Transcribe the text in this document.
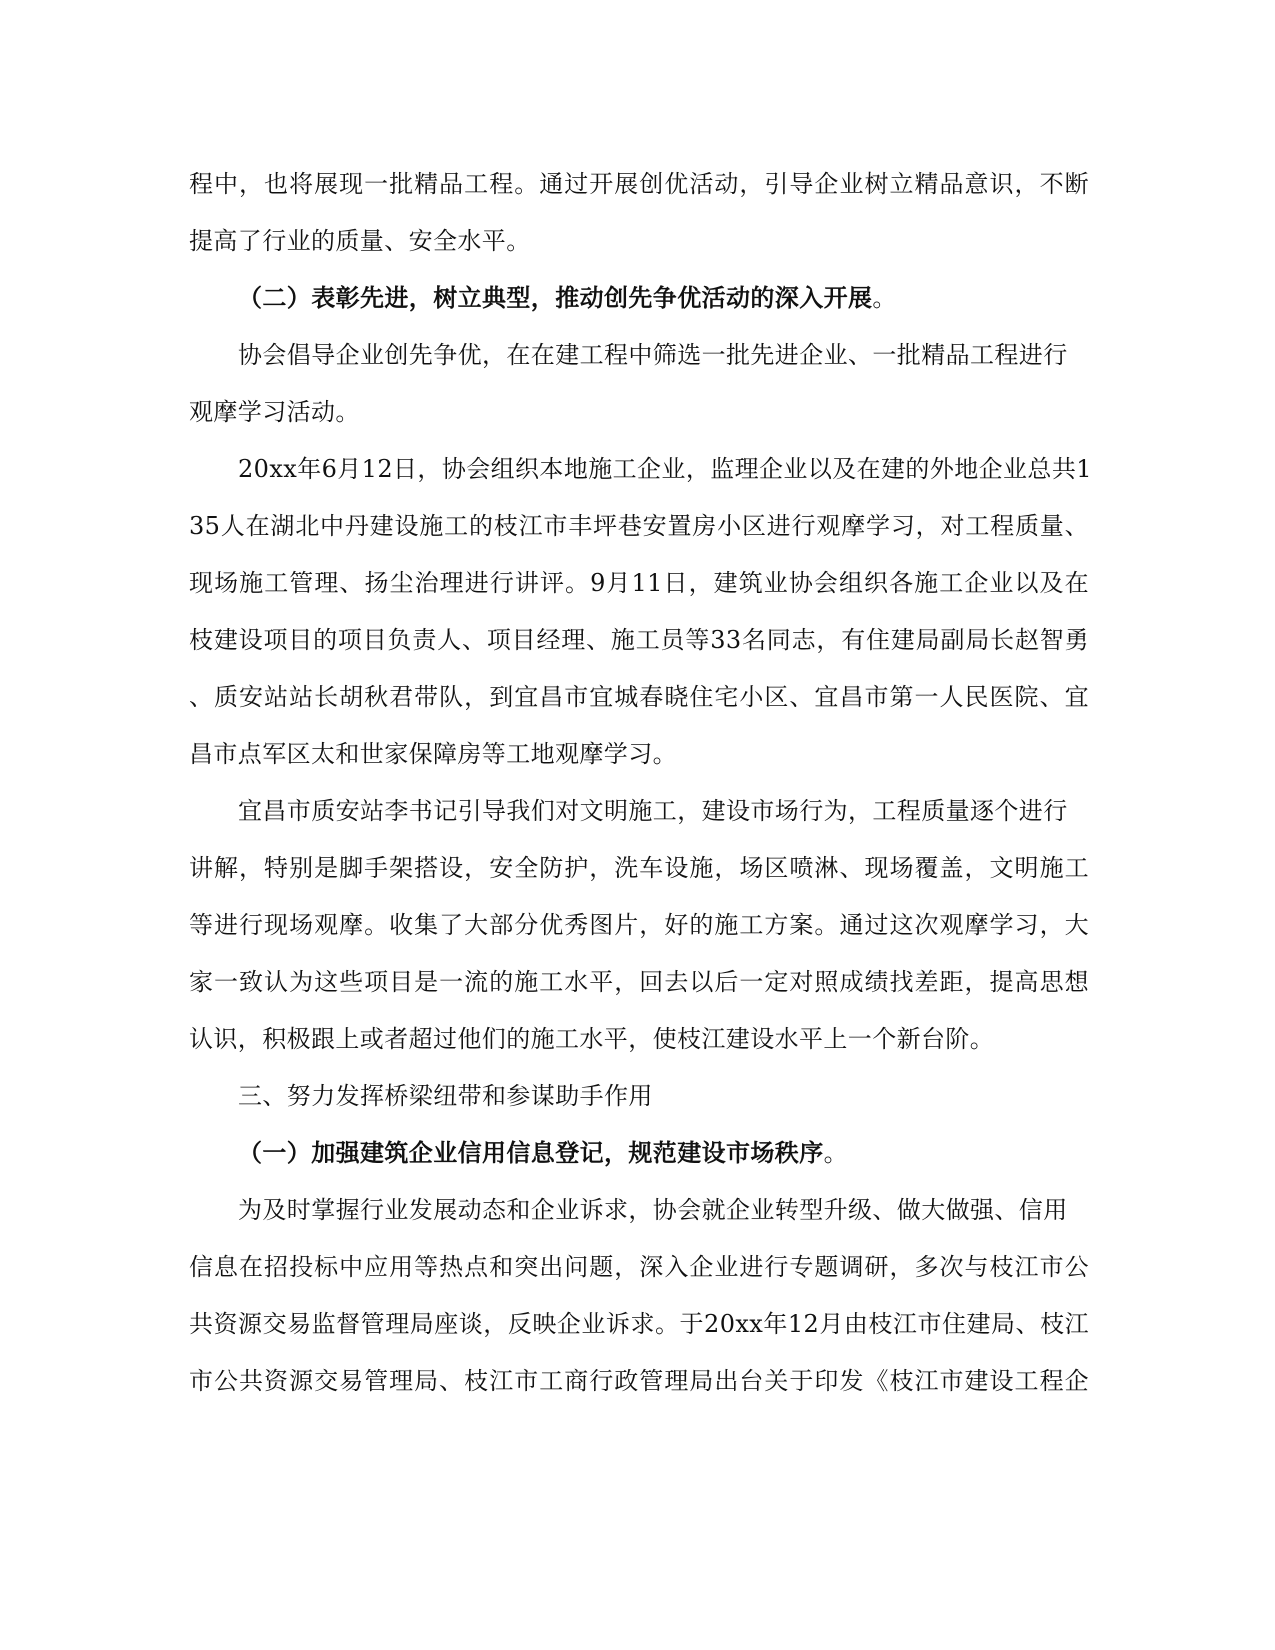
程中，也将展现一批精品工程。通过开展创优活动，引导企业树立精品意识，不断
提高了行业的质量、安全水平。
（二）表彰先进，树立典型，推动创先争优活动的深入开展。
协会倡导企业创先争优，在在建工程中筛选一批先进企业、一批精品工程进行
观摩学习活动。
20xx年6月12日，协会组织本地施工企业，监理企业以及在建的外地企业总共1
35人在湖北中丹建设施工的枝江市丰坪巷安置房小区进行观摩学习，对工程质量、
现场施工管理、扬尘治理进行讲评。9月11日，建筑业协会组织各施工企业以及在
枝建设项目的项目负责人、项目经理、施工员等33名同志，有住建局副局长赵智勇
、质安站站长胡秋君带队，到宜昌市宜城春晓住宅小区、宜昌市第一人民医院、宜
昌市点军区太和世家保障房等工地观摩学习。
宜昌市质安站李书记引导我们对文明施工，建设市场行为，工程质量逐个进行
讲解，特别是脚手架搭设，安全防护，洗车设施，场区喷淋、现场覆盖，文明施工
等进行现场观摩。收集了大部分优秀图片，好的施工方案。通过这次观摩学习，大
家一致认为这些项目是一流的施工水平，回去以后一定对照成绩找差距，提高思想
认识，积极跟上或者超过他们的施工水平，使枝江建设水平上一个新台阶。
三、努力发挥桥梁纽带和参谋助手作用
（一）加强建筑企业信用信息登记，规范建设市场秩序。
为及时掌握行业发展动态和企业诉求，协会就企业转型升级、做大做强、信用
信息在招投标中应用等热点和突出问题，深入企业进行专题调研，多次与枝江市公
共资源交易监督管理局座谈，反映企业诉求。于20xx年12月由枝江市住建局、枝江
市公共资源交易管理局、枝江市工商行政管理局出台关于印发《枝江市建设工程企
